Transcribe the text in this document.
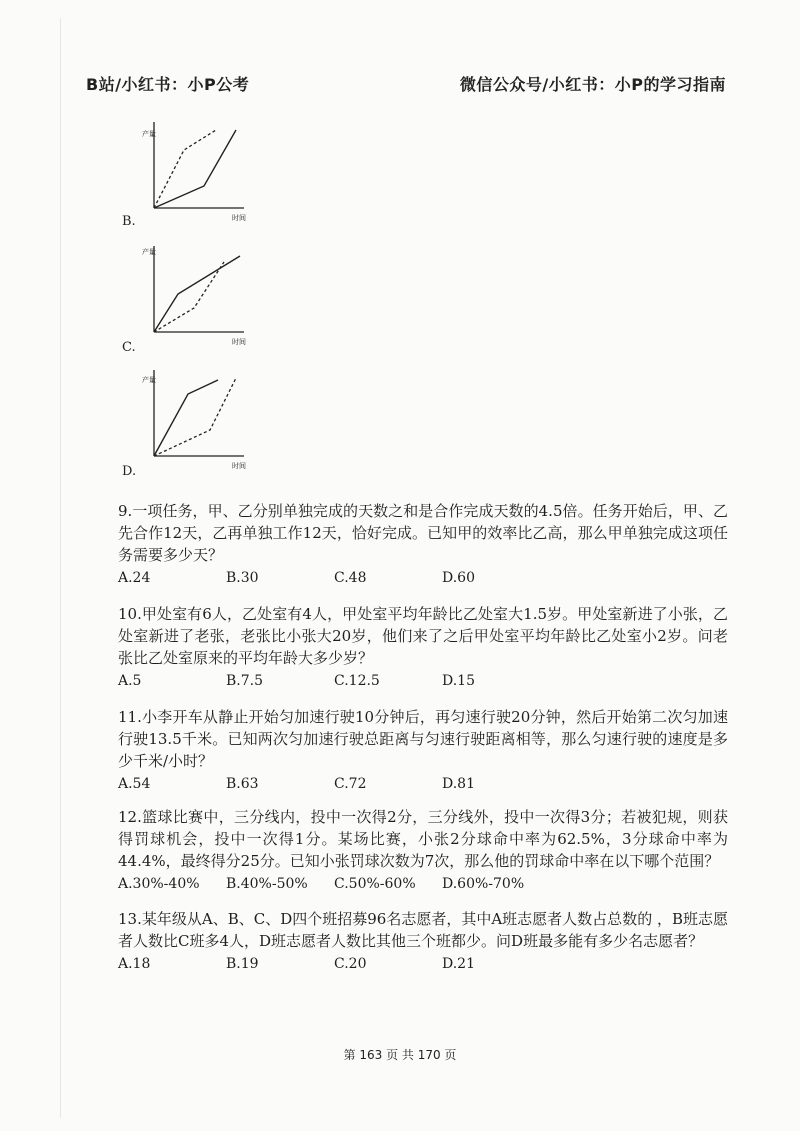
B站/小红书：小P公考	微信公众号/小红书：小P的学习指南
产量
时间
B.
产量
时间
C.
产量
时间
D.

9.一项任务，甲、乙分别单独完成的天数之和是合作完成天数的4.5倍。任务开始后，甲、乙先合作12天，乙再单独工作12天，恰好完成。已知甲的效率比乙高，那么甲单独完成这项任务需要多少天？

A.24	B.30	C.48	D.60

10.甲处室有6人，乙处室有4人，甲处室平均年龄比乙处室大1.5岁。甲处室新进了小张，乙处室新进了老张，老张比小张大20岁，他们来了之后甲处室平均年龄比乙处室小2岁。问老张比乙处室原来的平均年龄大多少岁？

A.5	B.7.5	C.12.5	D.15

11.小李开车从静止开始匀加速行驶10分钟后，再匀速行驶20分钟，然后开始第二次匀加速行驶13.5千米。已知两次匀加速行驶总距离与匀速行驶距离相等，那么匀速行驶的速度是多少千米/小时？

A.54	B.63	C.72	D.81

12.篮球比赛中，三分线内，投中一次得2分，三分线外，投中一次得3分；若被犯规，则获得罚球机会，投中一次得1分。某场比赛，小张2分球命中率为62.5%，3分球命中率为44.4%，最终得分25分。已知小张罚球次数为7次，那么他的罚球命中率在以下哪个范围？

A.30%-40%	B.40%-50%	C.50%-60%	D.60%-70%

13.某年级从A、B、C、D四个班招募96名志愿者，其中A班志愿者人数占总数的 ，B班志愿者人数比C班多4人，D班志愿者人数比其他三个班都少。问D班最多能有多少名志愿者？

A.18	B.19	C.20	D.21
第 163 页 共 170 页
